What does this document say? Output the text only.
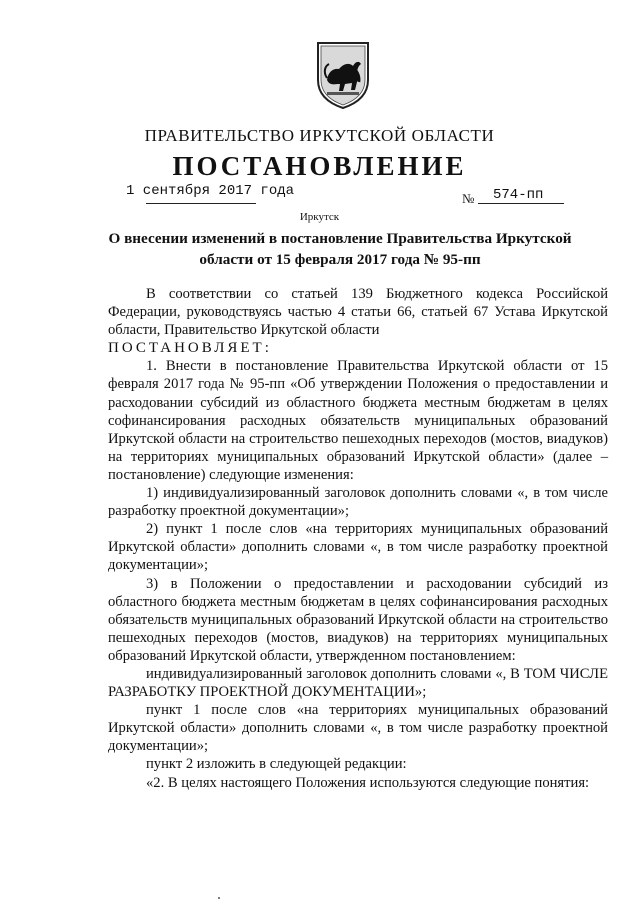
ПРАВИТЕЛЬСТВО ИРКУТСКОЙ ОБЛАСТИ
ПОСТАНОВЛЕНИЕ
1 сентября 2017 года	№ 574-пп
Иркутск
О внесении изменений в постановление Правительства Иркутской области от 15 февраля 2017 года № 95-пп

В соответствии со статьей 139 Бюджетного кодекса Российской Федерации, руководствуясь частью 4 статьи 66, статьей 67 Устава Иркутской области, Правительство Иркутской области

ПОСТАНОВЛЯЕТ:

1. Внести в постановление Правительства Иркутской области от 15 февраля 2017 года № 95-пп «Об утверждении Положения о предоставлении и расходовании субсидий из областного бюджета местным бюджетам в целях софинансирования расходных обязательств муниципальных образований Иркутской области на строительство пешеходных переходов (мостов, виадуков) на территориях муниципальных образований Иркутской области» (далее – постановление) следующие изменения:

1) индивидуализированный заголовок дополнить словами «, в том числе разработку проектной документации»;

2) пункт 1 после слов «на территориях муниципальных образований Иркутской области» дополнить словами «, в том числе разработку проектной документации»;

3) в Положении о предоставлении и расходовании субсидий из областного бюджета местным бюджетам в целях софинансирования расходных обязательств муниципальных образований Иркутской области на строительство пешеходных переходов (мостов, виадуков) на территориях муниципальных образований Иркутской области, утвержденном постановлением:

индивидуализированный заголовок дополнить словами «, В ТОМ ЧИСЛЕ РАЗРАБОТКУ ПРОЕКТНОЙ ДОКУМЕНТАЦИИ»;

пункт 1 после слов «на территориях муниципальных образований Иркутской области» дополнить словами «, в том числе разработку проектной документации»;

пункт 2 изложить в следующей редакции:

«2. В целях настоящего Положения используются следующие понятия:
